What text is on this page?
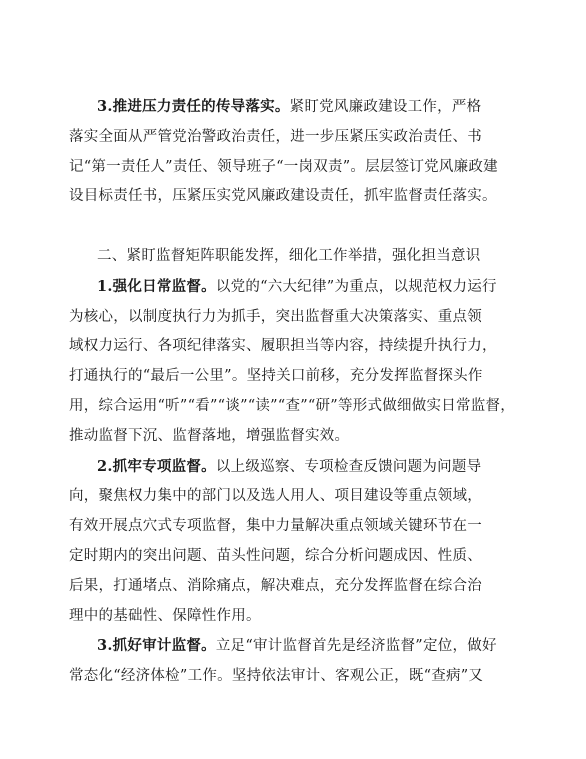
3.推进压力责任的传导落实。紧盯党风廉政建设工作，严格
落实全面从严管党治警政治责任，进一步压紧压实政治责任、书
记“第一责任人”责任、领导班子“一岗双责”。层层签订党风廉政建
设目标责任书，压紧压实党风廉政建设责任，抓牢监督责任落实。

二、紧盯监督矩阵职能发挥，细化工作举措，强化担当意识
1.强化日常监督。以党的“六大纪律”为重点，以规范权力运行
为核心，以制度执行力为抓手，突出监督重大决策落实、重点领
域权力运行、各项纪律落实、履职担当等内容，持续提升执行力，
打通执行的“最后一公里”。坚持关口前移，充分发挥监督探头作
用，综合运用“听”“看”“谈”“读”“查”“研”等形式做细做实日常监督，
推动监督下沉、监督落地，增强监督实效。
2.抓牢专项监督。以上级巡察、专项检查反馈问题为问题导
向，聚焦权力集中的部门以及选人用人、项目建设等重点领域，
有效开展点穴式专项监督，集中力量解决重点领域关键环节在一
定时期内的突出问题、苗头性问题，综合分析问题成因、性质、
后果，打通堵点、消除痛点，解决难点，充分发挥监督在综合治
理中的基础性、保障性作用。
3.抓好审计监督。立足“审计监督首先是经济监督”定位，做好
常态化“经济体检”工作。坚持依法审计、客观公正，既“查病”又
